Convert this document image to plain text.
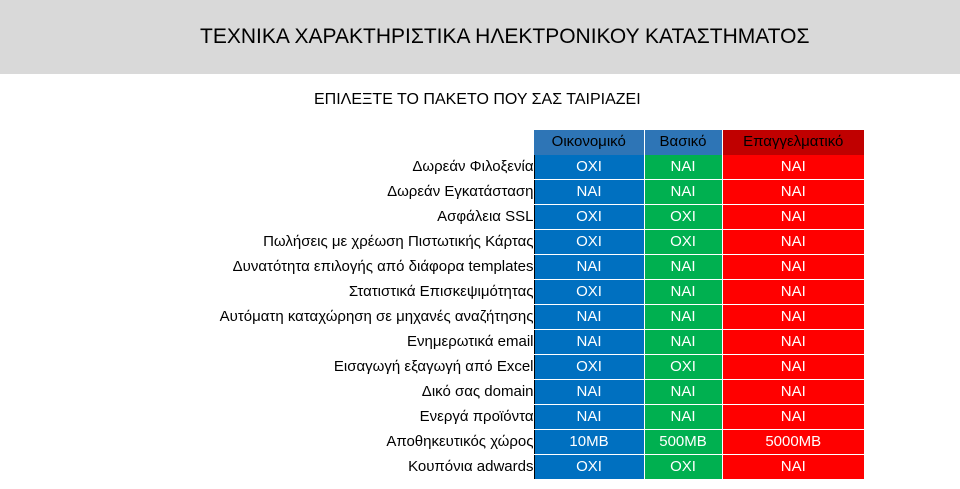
ΤΕΧΝΙΚΑ ΧΑΡΑΚΤΗΡΙΣΤΙΚΑ ΗΛΕΚΤΡΟΝΙΚΟΥ ΚΑΤΑΣΤΗΜΑΤΟΣ
ΕΠΙΛΕΞΤΕ ΤΟ ΠΑΚΕΤΟ ΠΟΥ ΣΑΣ ΤΑΙΡΙΑΖΕΙ
	Οικονομικό	Βασικό	Επαγγελματικό
Δωρεάν Φιλοξενία	ΟΧΙ	ΝΑΙ	ΝΑΙ
Δωρεάν Εγκατάσταση	ΝΑΙ	ΝΑΙ	ΝΑΙ
Ασφάλεια SSL	ΟΧΙ	ΟΧΙ	ΝΑΙ
Πωλήσεις με χρέωση Πιστωτικής Κάρτας	ΟΧΙ	ΟΧΙ	ΝΑΙ
Δυνατότητα επιλογής από διάφορα templates	ΝΑΙ	ΝΑΙ	ΝΑΙ
Στατιστικά Επισκεψιμότητας	ΟΧΙ	ΝΑΙ	ΝΑΙ
Αυτόματη καταχώρηση σε μηχανές αναζήτησης	ΝΑΙ	ΝΑΙ	ΝΑΙ
Ενημερωτικά email	ΝΑΙ	ΝΑΙ	ΝΑΙ
Εισαγωγή εξαγωγή από Excel	ΟΧΙ	ΟΧΙ	ΝΑΙ
Δικό σας domain	ΝΑΙ	ΝΑΙ	ΝΑΙ
Ενεργά προϊόντα	ΝΑΙ	ΝΑΙ	ΝΑΙ
Αποθηκευτικός χώρος	10MB	500MB	5000MB
Κουπόνια adwards	ΟΧΙ	ΟΧΙ	ΝΑΙ
